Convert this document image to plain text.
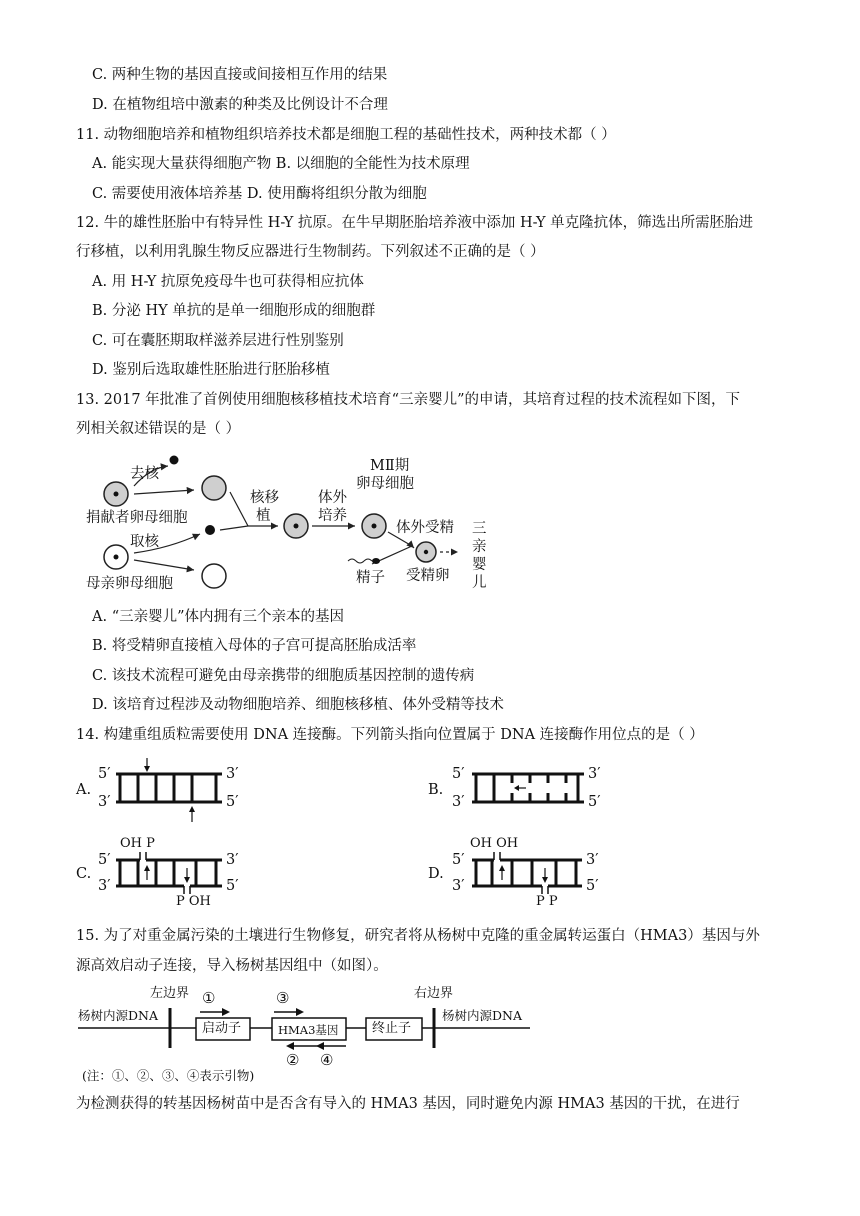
C. 两种生物的基因直接或间接相互作用的结果
D. 在植物组培中激素的种类及比例设计不合理
11. 动物细胞培养和植物组织培养技术都是细胞工程的基础性技术，两种技术都（ ）
A. 能实现大量获得细胞产物 B. 以细胞的全能性为技术原理
C. 需要使用液体培养基 D. 使用酶将组织分散为细胞
12. 牛的雄性胚胎中有特异性 H-Y 抗原。在牛早期胚胎培养液中添加 H-Y 单克隆抗体，筛选出所需胚胎进
行移植，以利用乳腺生物反应器进行生物制药。下列叙述不正确的是（ ）
A. 用 H-Y 抗原免疫母牛也可获得相应抗体
B. 分泌 HY 单抗的是单一细胞形成的细胞群
C. 可在囊胚期取样滋养层进行性别鉴别
D. 鉴别后选取雄性胚胎进行胚胎移植
13. 2017 年批准了首例使用细胞核移植技术培育“三亲婴儿”的申请，其培育过程的技术流程如下图，下
列相关叙述错误的是（ ）
去核
捐献者卵母细胞
取核
母亲卵母细胞
核移
植
体外
培养
MⅡ期
卵母细胞
体外受精
精子 受精卵
三亲婴儿
A. “三亲婴儿”体内拥有三个亲本的基因
B. 将受精卵直接植入母体的子宫可提高胚胎成活率
C. 该技术流程可避免由母亲携带的细胞质基因控制的遗传病
D. 该培育过程涉及动物细胞培养、细胞核移植、体外受精等技术
14. 构建重组质粒需要使用 DNA 连接酶。下列箭头指向位置属于 DNA 连接酶作用位点的是（ ）
A.
5′
3′
3′
5′
B.
5′
3′
3′
5′
C.
OH P
5′
3′
3′
5′
P OH
D.
OH OH
5′
3′
3′
5′
P P
15. 为了对重金属污染的土壤进行生物修复，研究者将从杨树中克隆的重金属转运蛋白（HMA3）基因与外
源高效启动子连接，导入杨树基因组中（如图）。
左边界	右边界
杨树内源DNA	杨树内源DNA
启动子	HMA3基因	终止子
①	③
② ④
(注：①、②、③、④表示引物)
为检测获得的转基因杨树苗中是否含有导入的 HMA3 基因，同时避免内源 HMA3 基因的干扰，在进行
